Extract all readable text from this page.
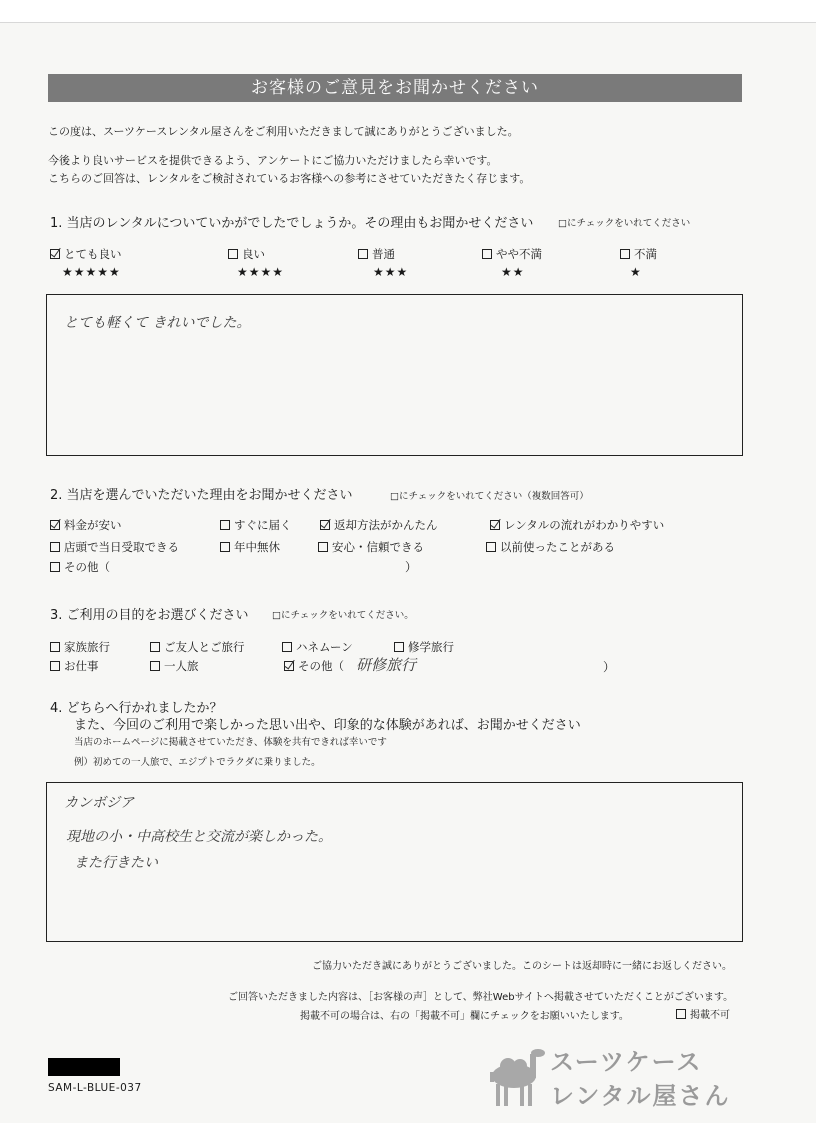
お客様のご意見をお聞かせください
この度は、スーツケースレンタル屋さんをご利用いただきまして誠にありがとうございました。
今後より良いサービスを提供できるよう、アンケートにご協力いただけましたら幸いです。
こちらのご回答は、レンタルをご検討されているお客様への参考にさせていただきたく存じます。
1. 当店のレンタルについていかがでしたでしょうか。その理由もお聞かせください	□にチェックをいれてください
とても良い	良い	普通	やや不満	不満
★★★★★	★★★★	★★★	★★	★
とても軽くて きれいでした。
2. 当店を選んでいただいた理由をお聞かせください	□にチェックをいれてください（複数回答可）
料金が安い	すぐに届く	返却方法がかんたん	レンタルの流れがわかりやすい
店頭で当日受取できる	年中無休	安心・信頼できる	以前使ったことがある
その他（	）
3. ご利用の目的をお選びください □にチェックをいれてください。
家族旅行	ご友人とご旅行	ハネムーン	修学旅行
お仕事	一人旅	その他（ 研修旅行	）
4. どちらへ行かれましたか？
また、今回のご利用で楽しかった思い出や、印象的な体験があれば、お聞かせください
当店のホームページに掲載させていただき、体験を共有できれば幸いです
例）初めての一人旅で、エジプトでラクダに乗りました。
カンボジア
現地の小・中高校生と交流が楽しかった。
また行きたい
ご協力いただき誠にありがとうございました。このシートは返却時に一緒にお返しください。
ご回答いただきました内容は、［お客様の声］として、弊社Webサイトへ掲載させていただくことがございます。
掲載不可の場合は、右の「掲載不可」欄にチェックをお願いいたします。	掲載不可
SAM-L-BLUE-037
スーツケース
レンタル屋さん
